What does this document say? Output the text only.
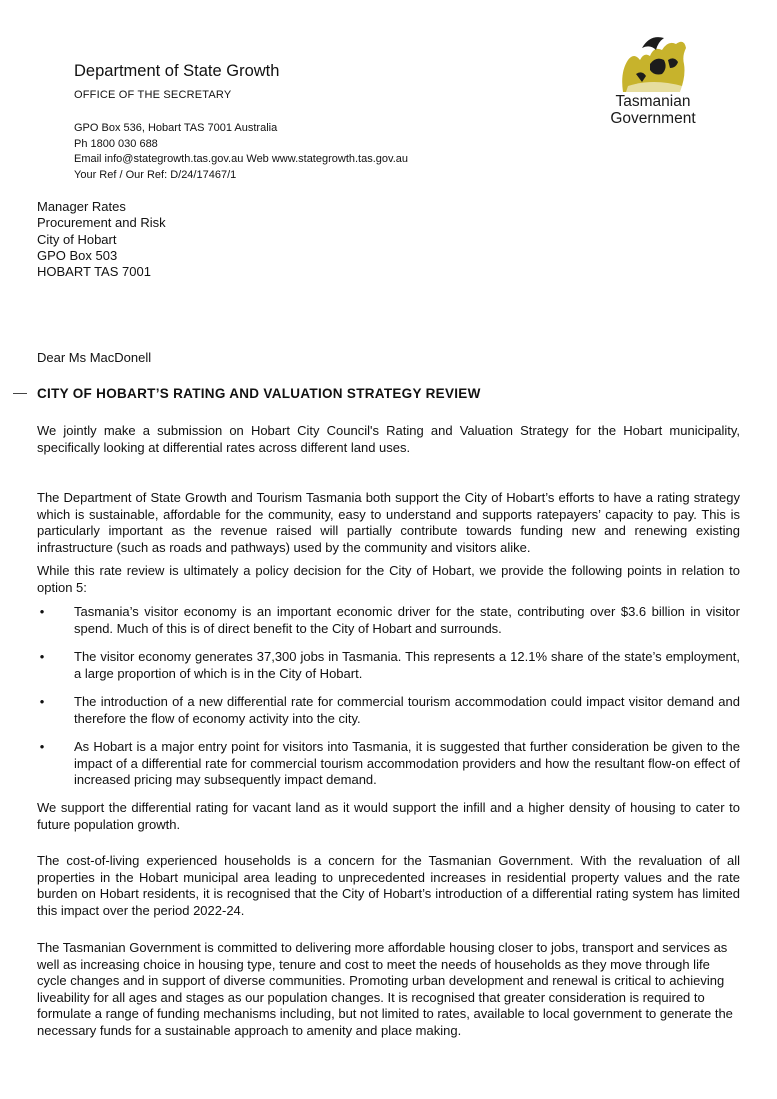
Department of State Growth
OFFICE OF THE SECRETARY
GPO Box 536, Hobart TAS 7001 Australia
Ph 1800 030 688
Email info@stategrowth.tas.gov.au Web www.stategrowth.tas.gov.au
Your Ref / Our Ref: D/24/17467/1
Tasmanian
Government
Manager Rates
Procurement and Risk
City of Hobart
GPO Box 503
HOBART TAS 7001
Dear Ms MacDonell
CITY OF HOBART’S RATING AND VALUATION STRATEGY REVIEW
We jointly make a submission on Hobart City Council's Rating and Valuation Strategy for the Hobart municipality, specifically looking at differential rates across different land uses.
The Department of State Growth and Tourism Tasmania both support the City of Hobart’s efforts to have a rating strategy which is sustainable, affordable for the community, easy to understand and supports ratepayers’ capacity to pay. This is particularly important as the revenue raised will partially contribute towards funding new and renewing existing infrastructure (such as roads and pathways) used by the community and visitors alike.
While this rate review is ultimately a policy decision for the City of Hobart, we provide the following points in relation to option 5:
• Tasmania’s visitor economy is an important economic driver for the state, contributing over $3.6 billion in visitor spend. Much of this is of direct benefit to the City of Hobart and surrounds.
• The visitor economy generates 37,300 jobs in Tasmania. This represents a 12.1% share of the state’s employment, a large proportion of which is in the City of Hobart.
• The introduction of a new differential rate for commercial tourism accommodation could impact visitor demand and therefore the flow of economy activity into the city.
• As Hobart is a major entry point for visitors into Tasmania, it is suggested that further consideration be given to the impact of a differential rate for commercial tourism accommodation providers and how the resultant flow-on effect of increased pricing may subsequently impact demand.
We support the differential rating for vacant land as it would support the infill and a higher density of housing to cater to future population growth.
The cost-of-living experienced households is a concern for the Tasmanian Government. With the revaluation of all properties in the Hobart municipal area leading to unprecedented increases in residential property values and the rate burden on Hobart residents, it is recognised that the City of Hobart’s introduction of a differential rating system has limited this impact over the period 2022-24.
The Tasmanian Government is committed to delivering more affordable housing closer to jobs, transport and services as well as increasing choice in housing type, tenure and cost to meet the needs of households as they move through life cycle changes and in support of diverse communities. Promoting urban development and renewal is critical to achieving liveability for all ages and stages as our population changes. It is recognised that greater consideration is required to formulate a range of funding mechanisms including, but not limited to rates, available to local government to generate the necessary funds for a sustainable approach to amenity and place making.
